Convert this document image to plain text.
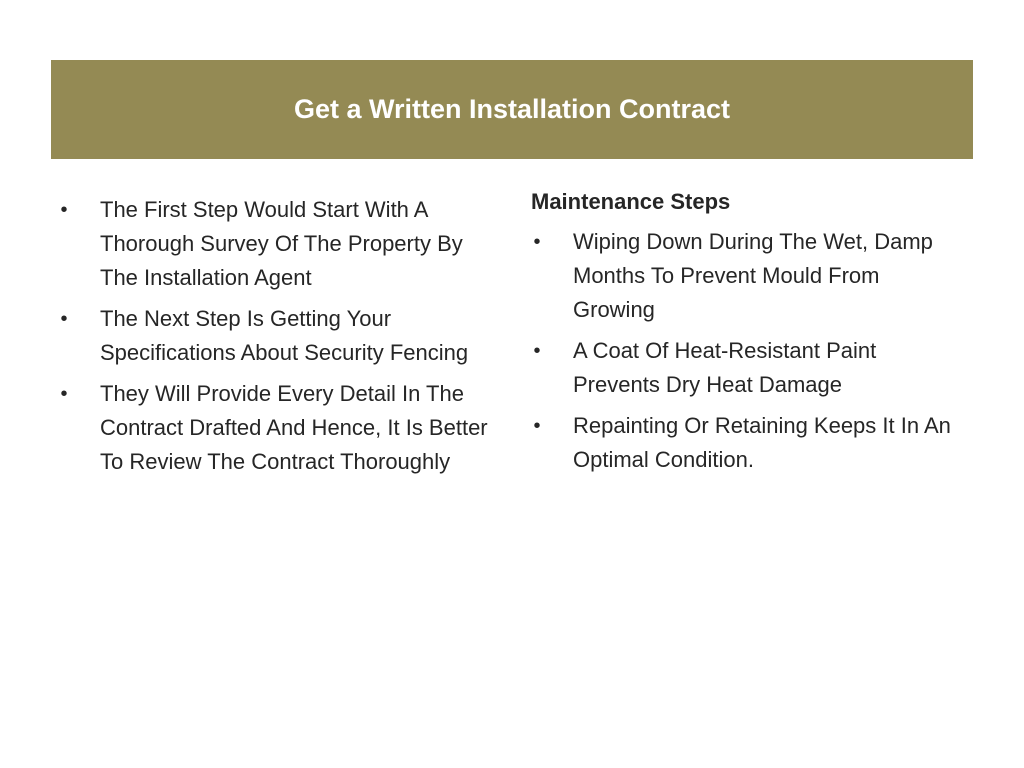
Get a Written Installation Contract
• The First Step Would Start With A Thorough Survey Of The Property By The Installation Agent
• The Next Step Is Getting Your Specifications About Security Fencing
• They Will Provide Every Detail In The Contract Drafted And Hence, It Is Better To Review The Contract Thoroughly
Maintenance Steps
• Wiping Down During The Wet, Damp Months To Prevent Mould From Growing
• A Coat Of Heat-Resistant Paint Prevents Dry Heat Damage
• Repainting Or Retaining Keeps It In An Optimal Condition.
